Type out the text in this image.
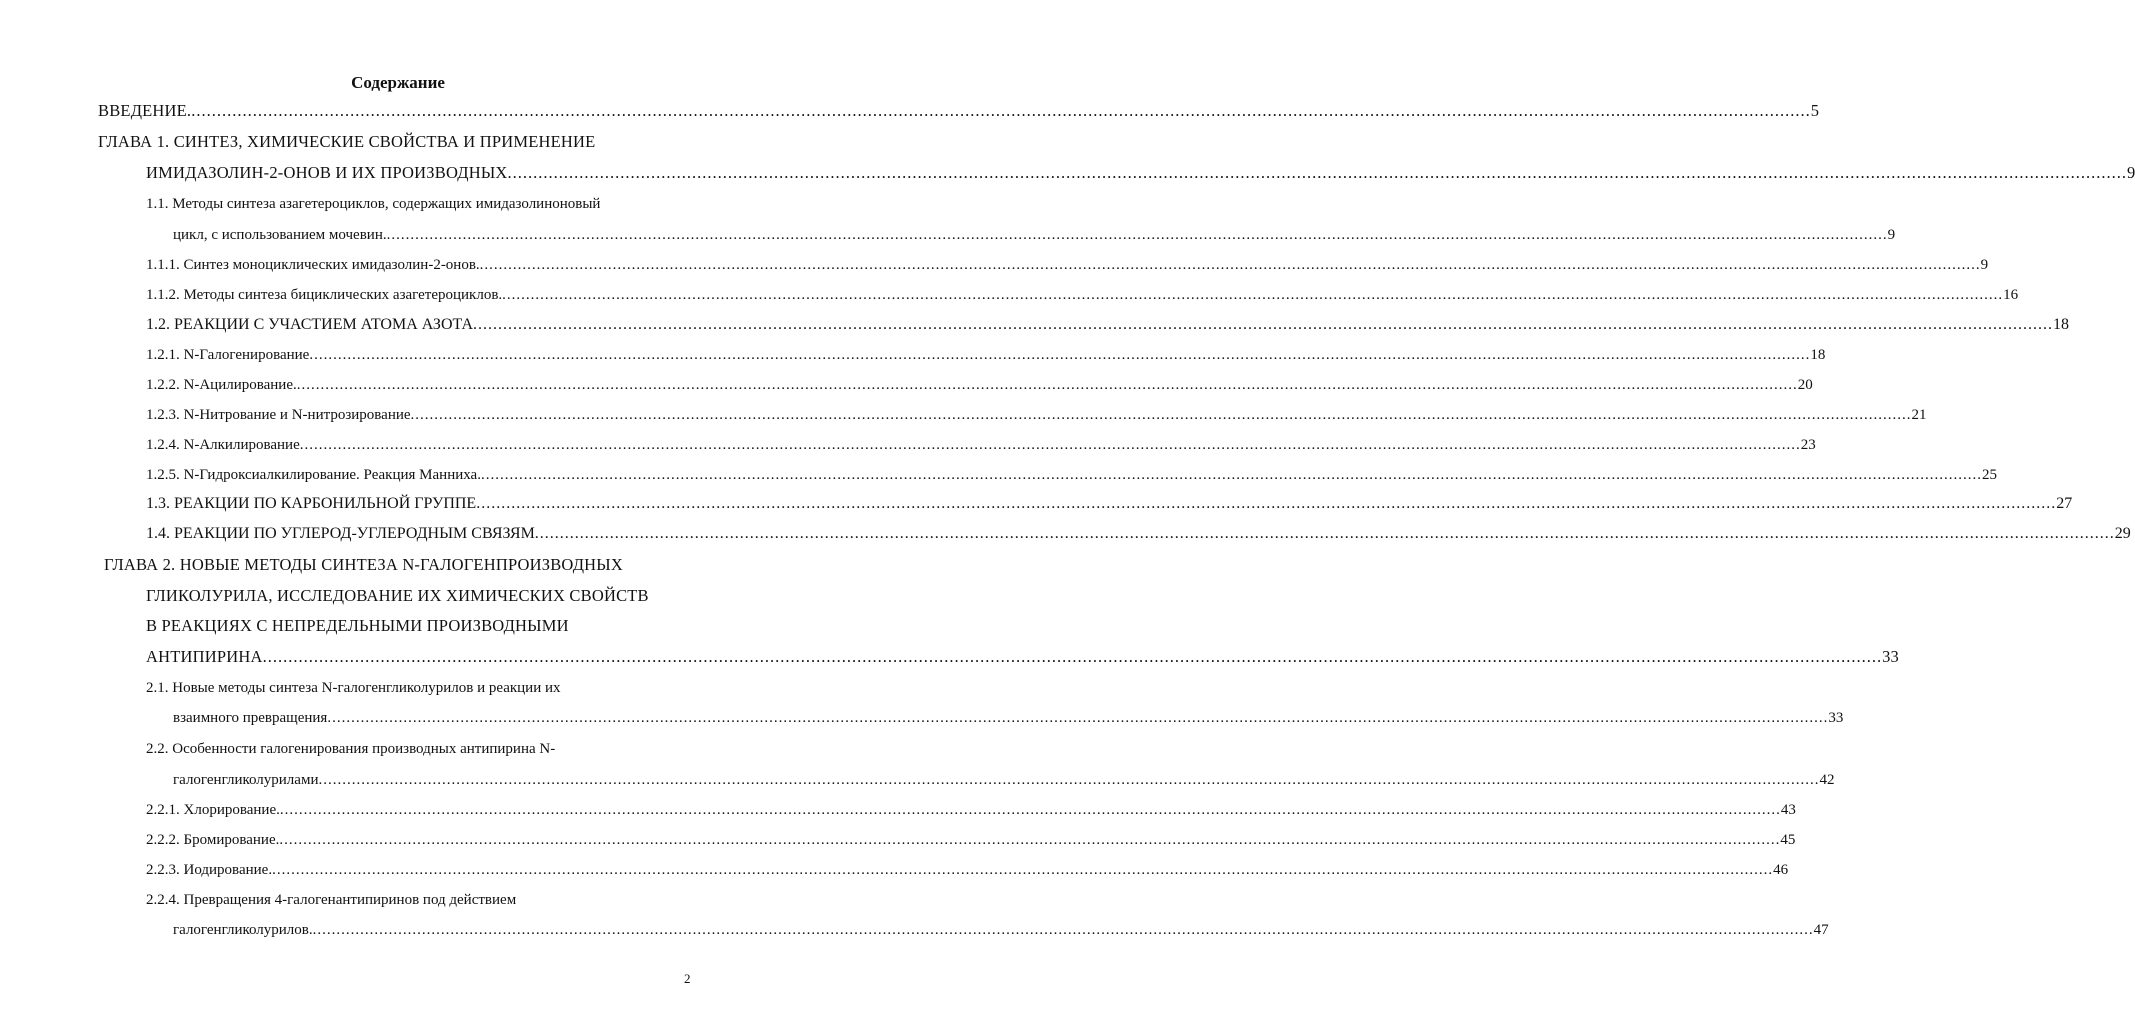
Содержание
ВВЕДЕНИЕ. ............................................................................................................................................................................................................................................................................................................................ 5
ГЛАВА 1. СИНТЕЗ, ХИМИЧЕСКИЕ СВОЙСТВА И ПРИМЕНЕНИЕ
ИМИДАЗОЛИН-2-ОНОВ И ИХ ПРОИЗВОДНЫХ ............................................................................................................................................................................................................................................................................................................................ 9
1.1. Методы синтеза азагетероциклов, содержащих имидазолиноновый
цикл, с использованием мочевин. ............................................................................................................................................................................................................................................................................................................................ 9
1.1.1. Синтез моноциклических имидазолин-2-онов. ............................................................................................................................................................................................................................................................................................................................ 9
1.1.2. Методы синтеза бициклических азагетероциклов. ............................................................................................................................................................................................................................................................................................................................ 16
1.2. РЕАКЦИИ С УЧАСТИЕМ АТОМА АЗОТА ............................................................................................................................................................................................................................................................................................................................ 18
1.2.1. N-Галогенирование ............................................................................................................................................................................................................................................................................................................................ 18
1.2.2. N-Ацилирование. ............................................................................................................................................................................................................................................................................................................................ 20
1.2.3. N-Нитрование и N-нитрозирование ............................................................................................................................................................................................................................................................................................................................ 21
1.2.4. N-Алкилирование ............................................................................................................................................................................................................................................................................................................................ 23
1.2.5. N-Гидроксиалкилирование. Реакция Манниха. ............................................................................................................................................................................................................................................................................................................................ 25
1.3. РЕАКЦИИ ПО КАРБОНИЛЬНОЙ ГРУППЕ ............................................................................................................................................................................................................................................................................................................................ 27
1.4. РЕАКЦИИ ПО УГЛЕРОД-УГЛЕРОДНЫМ СВЯЗЯМ ............................................................................................................................................................................................................................................................................................................................ 29
ГЛАВА 2. НОВЫЕ МЕТОДЫ СИНТЕЗА N-ГАЛОГЕНПРОИЗВОДНЫХ
ГЛИКОЛУРИЛА, ИССЛЕДОВАНИЕ ИХ ХИМИЧЕСКИХ СВОЙСТВ
В РЕАКЦИЯХ С НЕПРЕДЕЛЬНЫМИ ПРОИЗВОДНЫМИ
АНТИПИРИНА ............................................................................................................................................................................................................................................................................................................................ 33
2.1. Новые методы синтеза N-галогенгликолурилов и реакции их
взаимного превращения ............................................................................................................................................................................................................................................................................................................................ 33
2.2. Особенности галогенирования производных антипирина N-
галогенгликолурилами ............................................................................................................................................................................................................................................................................................................................ 42
2.2.1. Хлорирование. ............................................................................................................................................................................................................................................................................................................................ 43
2.2.2. Бромирование. ............................................................................................................................................................................................................................................................................................................................ 45
2.2.3. Иодирование. ............................................................................................................................................................................................................................................................................................................................ 46
2.2.4. Превращения 4-галогенантипиринов под действием
галогенгликолурилов. ............................................................................................................................................................................................................................................................................................................................ 47
2
